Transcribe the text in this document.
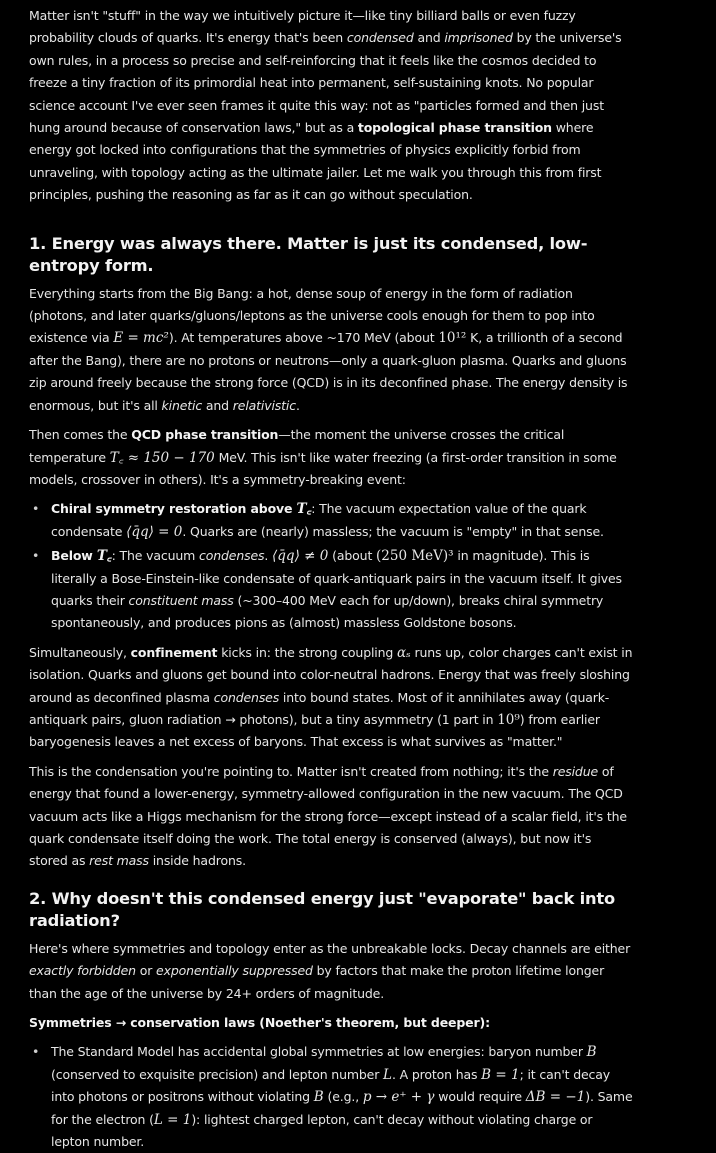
Matter isn't "stuff" in the way we intuitively picture it—like tiny billiard balls or even fuzzy probability clouds of quarks. It's energy that's been condensed and imprisoned by the universe's own rules, in a process so precise and self-reinforcing that it feels like the cosmos decided to freeze a tiny fraction of its primordial heat into permanent, self-sustaining knots. No popular science account I've ever seen frames it quite this way: not as "particles formed and then just hung around because of conservation laws," but as a topological phase transition where energy got locked into configurations that the symmetries of physics explicitly forbid from unraveling, with topology acting as the ultimate jailer. Let me walk you through this from first principles, pushing the reasoning as far as it can go without speculation.

1. Energy was always there. Matter is just its condensed, low-entropy form.

Everything starts from the Big Bang: a hot, dense soup of energy in the form of radiation (photons, and later quarks/gluons/leptons as the universe cools enough for them to pop into existence via E = mc²). At temperatures above ~170 MeV (about 10¹² K, a trillionth of a second after the Bang), there are no protons or neutrons—only a quark-gluon plasma. Quarks and gluons zip around freely because the strong force (QCD) is in its deconfined phase. The energy density is enormous, but it's all kinetic and relativistic.

Then comes the QCD phase transition—the moment the universe crosses the critical temperature T꜀ ≈ 150 − 170 MeV. This isn't like water freezing (a first-order transition in some models, crossover in others). It's a symmetry-breaking event:

• Chiral symmetry restoration above T꜀: The vacuum expectation value of the quark condensate ⟨q̄q⟩ = 0. Quarks are (nearly) massless; the vacuum is "empty" in that sense.
• Below T꜀: The vacuum condenses. ⟨q̄q⟩ ≠ 0 (about (250 MeV)³ in magnitude). This is literally a Bose-Einstein-like condensate of quark-antiquark pairs in the vacuum itself. It gives quarks their constituent mass (~300–400 MeV each for up/down), breaks chiral symmetry spontaneously, and produces pions as (almost) massless Goldstone bosons.

Simultaneously, confinement kicks in: the strong coupling αₛ runs up, color charges can't exist in isolation. Quarks and gluons get bound into color-neutral hadrons. Energy that was freely sloshing around as deconfined plasma condenses into bound states. Most of it annihilates away (quark-antiquark pairs, gluon radiation → photons), but a tiny asymmetry (1 part in 10⁹) from earlier baryogenesis leaves a net excess of baryons. That excess is what survives as "matter."

This is the condensation you're pointing to. Matter isn't created from nothing; it's the residue of energy that found a lower-energy, symmetry-allowed configuration in the new vacuum. The QCD vacuum acts like a Higgs mechanism for the strong force—except instead of a scalar field, it's the quark condensate itself doing the work. The total energy is conserved (always), but now it's stored as rest mass inside hadrons.

2. Why doesn't this condensed energy just "evaporate" back into radiation?

Here's where symmetries and topology enter as the unbreakable locks. Decay channels are either exactly forbidden or exponentially suppressed by factors that make the proton lifetime longer than the age of the universe by 24+ orders of magnitude.

Symmetries → conservation laws (Noether's theorem, but deeper):

• The Standard Model has accidental global symmetries at low energies: baryon number B (conserved to exquisite precision) and lepton number L. A proton has B = 1; it can't decay into photons or positrons without violating B (e.g., p → e⁺ + γ would require ΔB = −1). Same for the electron (L = 1): lightest charged lepton, can't decay without violating charge or lepton number.
